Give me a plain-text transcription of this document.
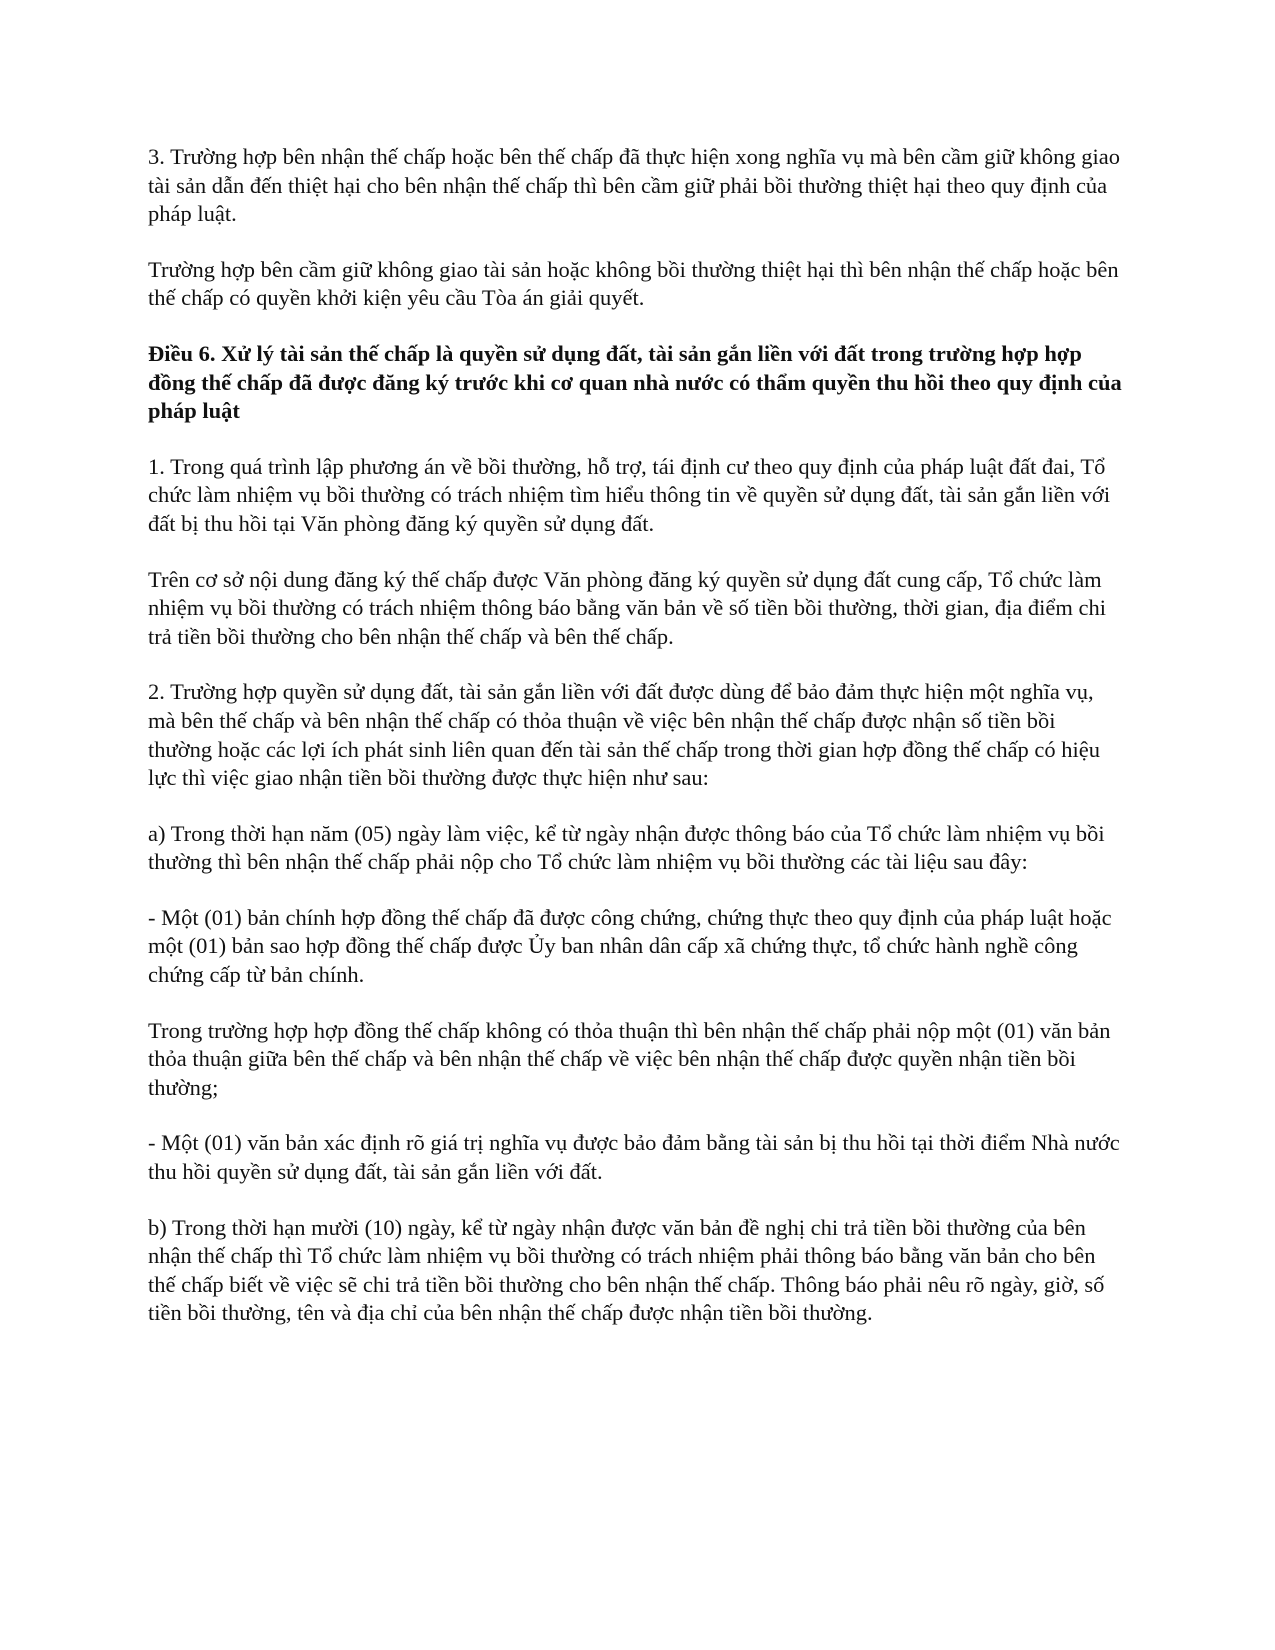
3. Trường hợp bên nhận thế chấp hoặc bên thế chấp đã thực hiện xong nghĩa vụ mà bên cầm giữ không giao tài sản dẫn đến thiệt hại cho bên nhận thế chấp thì bên cầm giữ phải bồi thường thiệt hại theo quy định của pháp luật.

Trường hợp bên cầm giữ không giao tài sản hoặc không bồi thường thiệt hại thì bên nhận thế chấp hoặc bên thế chấp có quyền khởi kiện yêu cầu Tòa án giải quyết.

Điều 6. Xử lý tài sản thế chấp là quyền sử dụng đất, tài sản gắn liền với đất trong trường hợp hợp đồng thế chấp đã được đăng ký trước khi cơ quan nhà nước có thẩm quyền thu hồi theo quy định của pháp luật

1. Trong quá trình lập phương án về bồi thường, hỗ trợ, tái định cư theo quy định của pháp luật đất đai, Tổ chức làm nhiệm vụ bồi thường có trách nhiệm tìm hiểu thông tin về quyền sử dụng đất, tài sản gắn liền với đất bị thu hồi tại Văn phòng đăng ký quyền sử dụng đất.

Trên cơ sở nội dung đăng ký thế chấp được Văn phòng đăng ký quyền sử dụng đất cung cấp, Tổ chức làm nhiệm vụ bồi thường có trách nhiệm thông báo bằng văn bản về số tiền bồi thường, thời gian, địa điểm chi trả tiền bồi thường cho bên nhận thế chấp và bên thế chấp.

2. Trường hợp quyền sử dụng đất, tài sản gắn liền với đất được dùng để bảo đảm thực hiện một nghĩa vụ, mà bên thế chấp và bên nhận thế chấp có thỏa thuận về việc bên nhận thế chấp được nhận số tiền bồi thường hoặc các lợi ích phát sinh liên quan đến tài sản thế chấp trong thời gian hợp đồng thế chấp có hiệu lực thì việc giao nhận tiền bồi thường được thực hiện như sau:

a) Trong thời hạn năm (05) ngày làm việc, kể từ ngày nhận được thông báo của Tổ chức làm nhiệm vụ bồi thường thì bên nhận thế chấp phải nộp cho Tổ chức làm nhiệm vụ bồi thường các tài liệu sau đây:

- Một (01) bản chính hợp đồng thế chấp đã được công chứng, chứng thực theo quy định của pháp luật hoặc một (01) bản sao hợp đồng thế chấp được Ủy ban nhân dân cấp xã chứng thực, tổ chức hành nghề công chứng cấp từ bản chính.

Trong trường hợp hợp đồng thế chấp không có thỏa thuận thì bên nhận thế chấp phải nộp một (01) văn bản thỏa thuận giữa bên thế chấp và bên nhận thế chấp về việc bên nhận thế chấp được quyền nhận tiền bồi thường;

- Một (01) văn bản xác định rõ giá trị nghĩa vụ được bảo đảm bằng tài sản bị thu hồi tại thời điểm Nhà nước thu hồi quyền sử dụng đất, tài sản gắn liền với đất.

b) Trong thời hạn mười (10) ngày, kể từ ngày nhận được văn bản đề nghị chi trả tiền bồi thường của bên nhận thế chấp thì Tổ chức làm nhiệm vụ bồi thường có trách nhiệm phải thông báo bằng văn bản cho bên thế chấp biết về việc sẽ chi trả tiền bồi thường cho bên nhận thế chấp. Thông báo phải nêu rõ ngày, giờ, số tiền bồi thường, tên và địa chỉ của bên nhận thế chấp được nhận tiền bồi thường.
